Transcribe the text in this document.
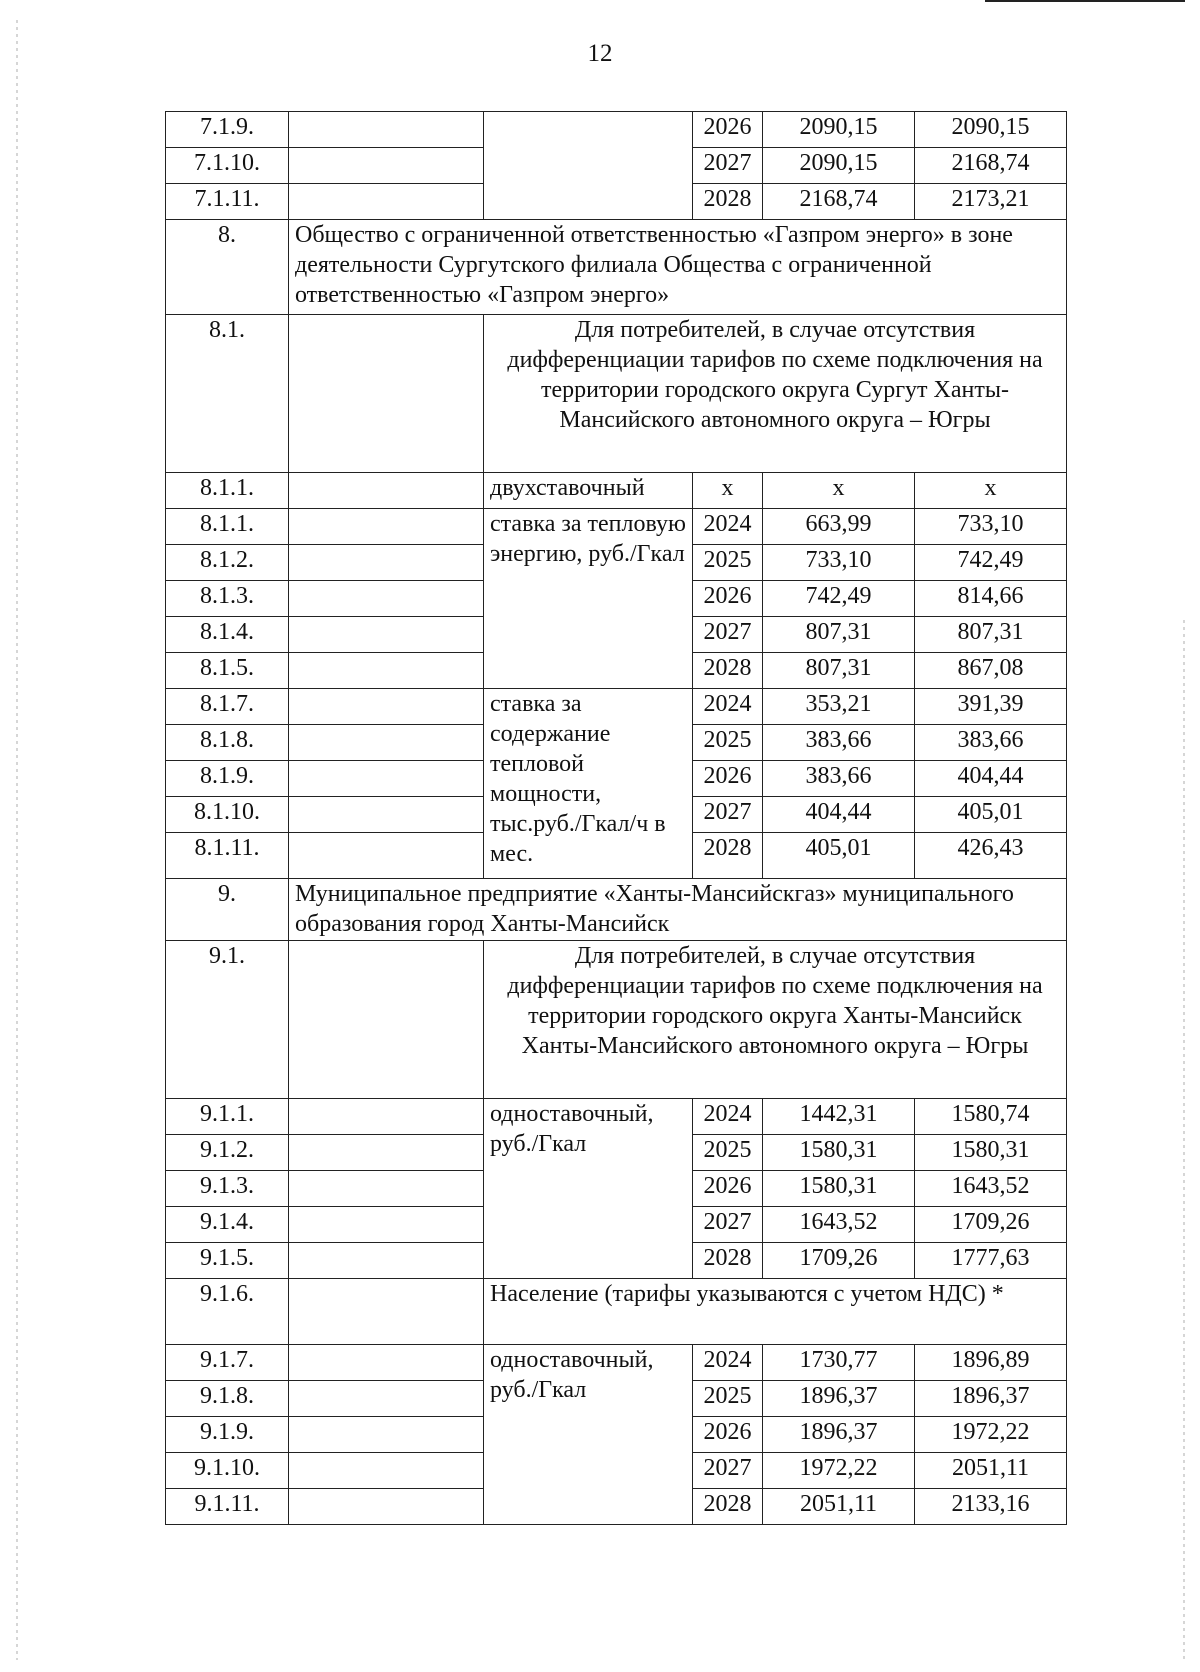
12
7.1.9.			2026	2090,15	2090,15
7.1.10.			2027	2090,15	2168,74
7.1.11.			2028	2168,74	2173,21
8.	Общество с ограниченной ответственностью «Газпром энерго» в зоне деятельности Сургутского филиала Общества с ограниченной ответственностью «Газпром энерго»				
8.1.		Для потребителей, в случае отсутствия дифференциации тарифов по схеме подключения на территории городского округа Сургут Ханты-Мансийского автономного округа – Югры			
8.1.1.		двухставочный	х	х	х
8.1.1.		ставка за тепловую энергию, руб./Гкал	2024	663,99	733,10
8.1.2.			2025	733,10	742,49
8.1.3.			2026	742,49	814,66
8.1.4.			2027	807,31	807,31
8.1.5.			2028	807,31	867,08
8.1.7.		ставка за содержание тепловой мощности, тыс.руб./Гкал/ч в мес.	2024	353,21	391,39
8.1.8.			2025	383,66	383,66
8.1.9.			2026	383,66	404,44
8.1.10.			2027	404,44	405,01
8.1.11.			2028	405,01	426,43
9.	Муниципальное предприятие «Ханты-Мансийскгаз» муниципального образования город Ханты-Мансийск				
9.1.		Для потребителей, в случае отсутствия дифференциации тарифов по схеме подключения на территории городского округа Ханты-Мансийск Ханты-Мансийского автономного округа – Югры			
9.1.1.		одноставочный, руб./Гкал	2024	1442,31	1580,74
9.1.2.			2025	1580,31	1580,31
9.1.3.			2026	1580,31	1643,52
9.1.4.			2027	1643,52	1709,26
9.1.5.			2028	1709,26	1777,63
9.1.6.		Население (тарифы указываются с учетом НДС) *			
9.1.7.		одноставочный, руб./Гкал	2024	1730,77	1896,89
9.1.8.			2025	1896,37	1896,37
9.1.9.			2026	1896,37	1972,22
9.1.10.			2027	1972,22	2051,11
9.1.11.			2028	2051,11	2133,16
